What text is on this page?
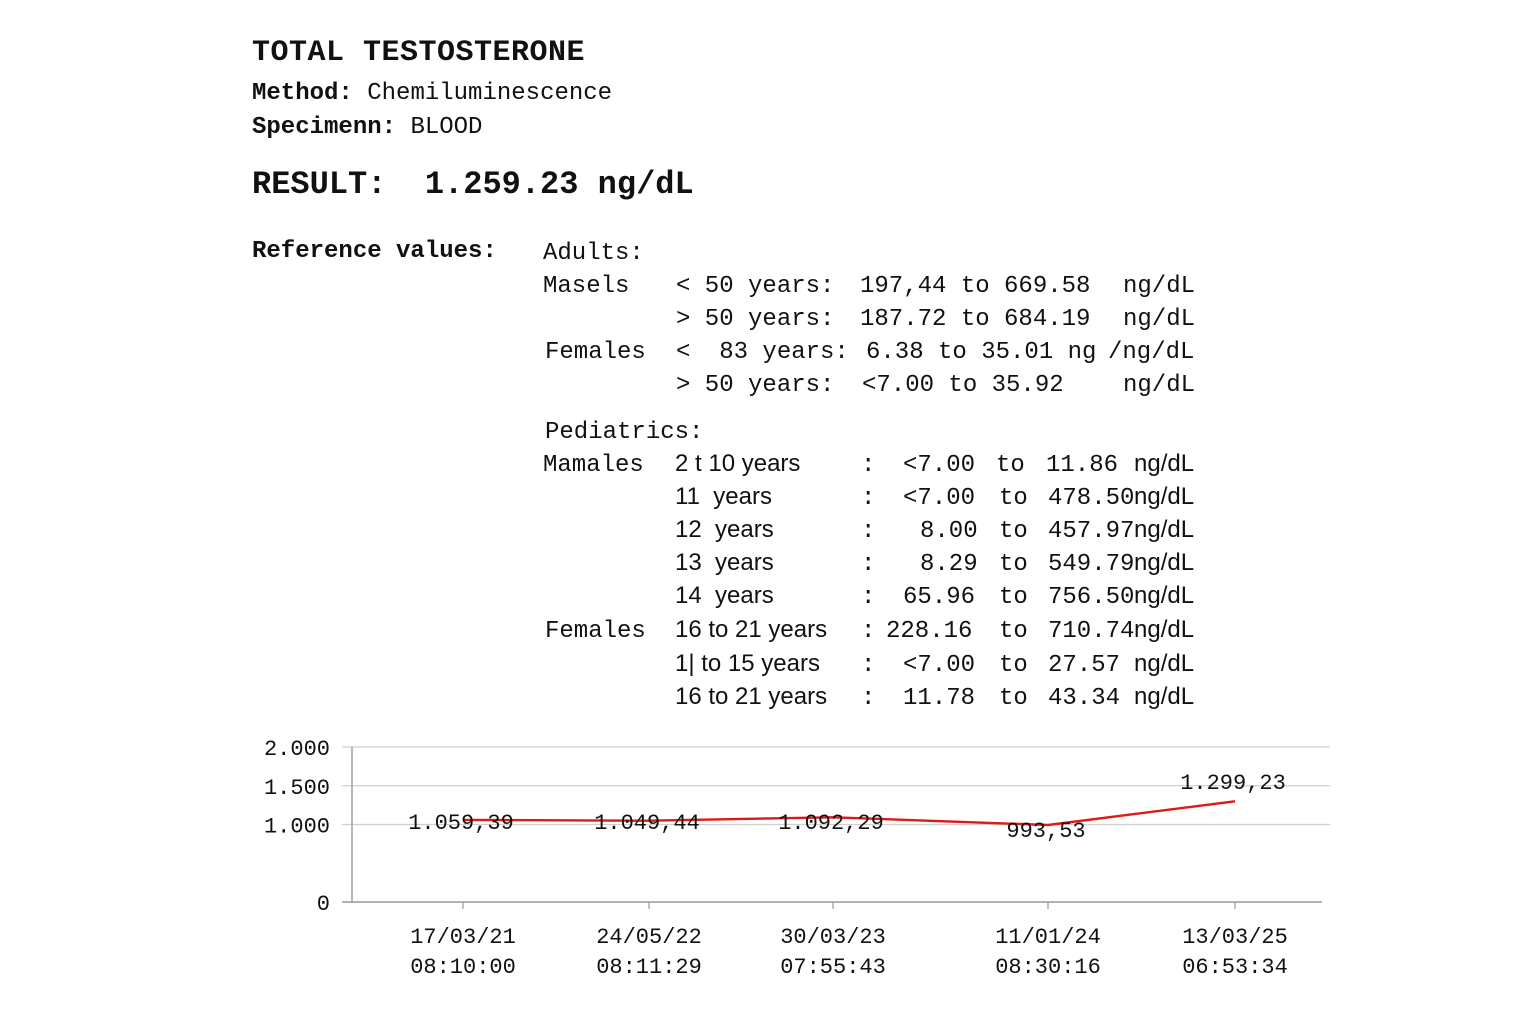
TOTAL TESTOSTERONE
Method: Chemiluminescence
Specimenn: BLOOD
RESULT: 1.259.23 ng/dL
Reference values: Adults:
Masels < 50 years: 197,44 to 669.58 ng/dL
> 50 years: 187.72 to 684.19 ng/dL
Females <  83 years: 6.38 to 35.01 ng /ng/dL
> 50 years: <7.00 to 35.92 ng/dL
Pediatrics:
Mamales 2 t 10 years	: <7.00 to 11.86 ng/dL
11  years	: <7.00 to 478.50 ng/dL
12  years	: 8.00 to 457.97 ng/dL
13  years	: 8.29 to 549.79 ng/dL
14  years	: 65.96 to 756.50 ng/dL
Females 16 to 21 years : 228.16 to 710.74 ng/dL
1| to 15 years : <7.00 to 27.57 ng/dL
16 to 21 years : 11.78 to 43.34 ng/dL
0
1.000
1.500
2.000
17/03/21
08:10:00
24/05/22
08:11:29
30/03/23
07:55:43
11/01/24
08:30:16
13/03/25
06:53:34
1.059,39	1.049,44	1.092,29	993,53
1.299,23
